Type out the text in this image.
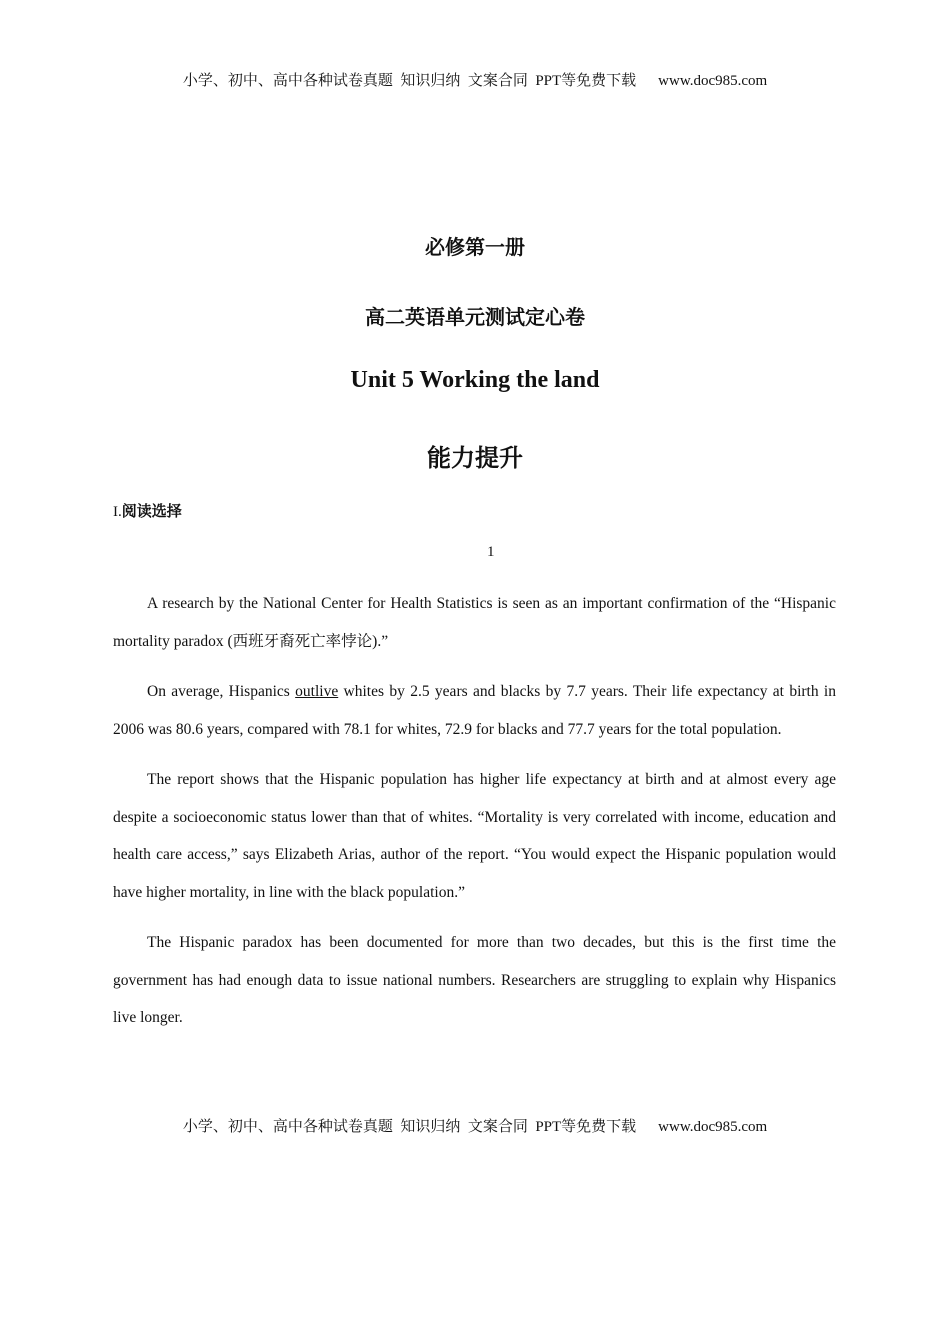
小学、初中、高中各种试卷真题  知识归纳  文案合同  PPT等免费下载 www.doc985.com
必修第一册
高二英语单元测试定心卷
Unit 5 Working the land
能力提升
I.阅读选择
1

A research by the National Center for Health Statistics is seen as an important confirmation of the “Hispanic mortality paradox (西班牙裔死亡率悖论).”

On average, Hispanics outlive whites by 2.5 years and blacks by 7.7 years. Their life expectancy at birth in 2006 was 80.6 years, compared with 78.1 for whites, 72.9 for blacks and 77.7 years for the total population.

The report shows that the Hispanic population has higher life expectancy at birth and at almost every age despite a socioeconomic status lower than that of whites. “Mortality is very correlated with income, education and health care access,” says Elizabeth Arias, author of the report. “You would expect the Hispanic population would have higher mortality, in line with the black population.”

The Hispanic paradox has been documented for more than two decades, but this is the first time the government has had enough data to issue national numbers. Researchers are struggling to explain why Hispanics live longer.

小学、初中、高中各种试卷真题  知识归纳  文案合同  PPT等免费下载 www.doc985.com
